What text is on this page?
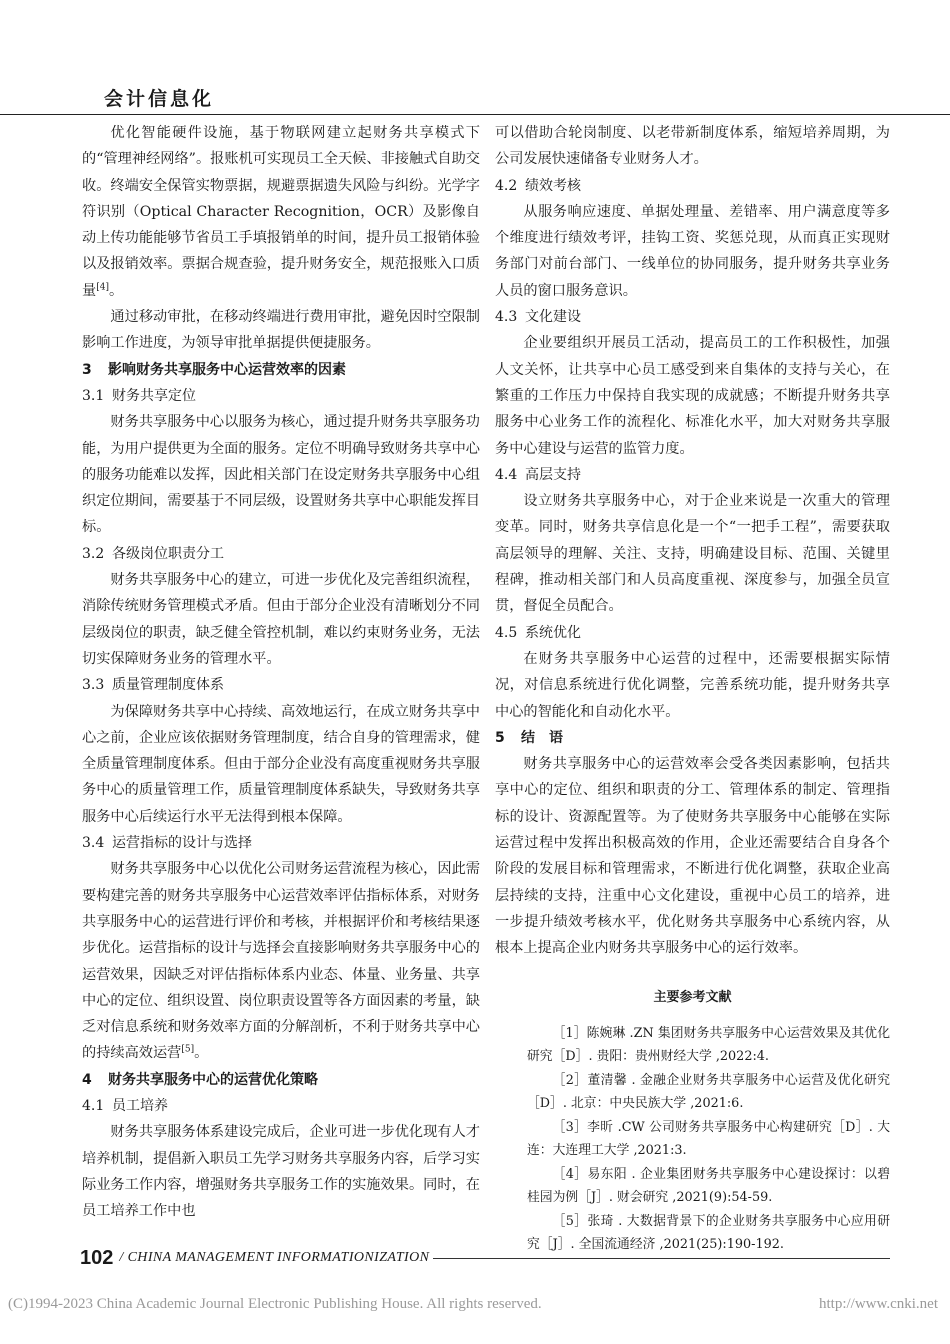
会计信息化

优化智能硬件设施，基于物联网建立起财务共享模式下的“管理神经网络”。报账机可实现员工全天候、非接触式自助交收。终端安全保管实物票据，规避票据遗失风险与纠纷。光学字符识别（Optical Character Recognition，OCR）及影像自动上传功能能够节省员工手填报销单的时间，提升员工报销体验以及报销效率。票据合规查验，提升财务安全，规范报账入口质量[4]。

通过移动审批，在移动终端进行费用审批，避免因时空限制影响工作进度，为领导审批单据提供便捷服务。

3 影响财务共享服务中心运营效率的因素
3.1 财务共享定位

财务共享服务中心以服务为核心，通过提升财务共享服务功能，为用户提供更为全面的服务。定位不明确导致财务共享中心的服务功能难以发挥，因此相关部门在设定财务共享服务中心组织定位期间，需要基于不同层级，设置财务共享中心职能发挥目标。

3.2 各级岗位职责分工

财务共享服务中心的建立，可进一步优化及完善组织流程，消除传统财务管理模式矛盾。但由于部分企业没有清晰划分不同层级岗位的职责，缺乏健全管控机制，难以约束财务业务，无法切实保障财务业务的管理水平。

3.3 质量管理制度体系

为保障财务共享中心持续、高效地运行，在成立财务共享中心之前，企业应该依据财务管理制度，结合自身的管理需求，健全质量管理制度体系。但由于部分企业没有高度重视财务共享服务中心的质量管理工作，质量管理制度体系缺失，导致财务共享服务中心后续运行水平无法得到根本保障。

3.4 运营指标的设计与选择

财务共享服务中心以优化公司财务运营流程为核心，因此需要构建完善的财务共享服务中心运营效率评估指标体系，对财务共享服务中心的运营进行评价和考核，并根据评价和考核结果逐步优化。运营指标的设计与选择会直接影响财务共享服务中心的运营效果，因缺乏对评估指标体系内业态、体量、业务量、共享中心的定位、组织设置、岗位职责设置等各方面因素的考量，缺乏对信息系统和财务效率方面的分解剖析，不利于财务共享中心的持续高效运营[5]。

4 财务共享服务中心的运营优化策略
4.1 员工培养

财务共享服务体系建设完成后，企业可进一步优化现有人才培养机制，提倡新入职员工先学习财务共享服务内容，后学习实际业务工作内容，增强财务共享服务工作的实施效果。同时，在员工培养工作中也

可以借助合轮岗制度、以老带新制度体系，缩短培养周期，为公司发展快速储备专业财务人才。

4.2 绩效考核

从服务响应速度、单据处理量、差错率、用户满意度等多个维度进行绩效考评，挂钩工资、奖惩兑现，从而真正实现财务部门对前台部门、一线单位的协同服务，提升财务共享业务人员的窗口服务意识。

4.3 文化建设

企业要组织开展员工活动，提高员工的工作积极性，加强人文关怀，让共享中心员工感受到来自集体的支持与关心，在繁重的工作压力中保持自我实现的成就感；不断提升财务共享服务中心业务工作的流程化、标准化水平，加大对财务共享服务中心建设与运营的监管力度。

4.4 高层支持

设立财务共享服务中心，对于企业来说是一次重大的管理变革。同时，财务共享信息化是一个“一把手工程”，需要获取高层领导的理解、关注、支持，明确建设目标、范围、关键里程碑，推动相关部门和人员高度重视、深度参与，加强全员宣贯，督促全员配合。

4.5 系统优化

在财务共享服务中心运营的过程中，还需要根据实际情况，对信息系统进行优化调整，完善系统功能，提升财务共享中心的智能化和自动化水平。

5 结　语

财务共享服务中心的运营效率会受各类因素影响，包括共享中心的定位、组织和职责的分工、管理体系的制定、管理指标的设计、资源配置等。为了使财务共享服务中心能够在实际运营过程中发挥出积极高效的作用，企业还需要结合自身各个阶段的发展目标和管理需求，不断进行优化调整，获取企业高层持续的支持，注重中心文化建设，重视中心员工的培养，进一步提升绩效考核水平，优化财务共享服务中心系统内容，从根本上提高企业内财务共享服务中心的运行效率。

主要参考文献

［1］陈婉琳 .ZN 集团财务共享服务中心运营效果及其优化研究［D］. 贵阳：贵州财经大学 ,2022:4.

［2］董清馨 . 金融企业财务共享服务中心运营及优化研究［D］. 北京：中央民族大学 ,2021:6.

［3］李昕 .CW 公司财务共享服务中心构建研究［D］. 大连：大连理工大学 ,2021:3.

［4］易东阳 . 企业集团财务共享服务中心建设探讨：以碧桂园为例［J］. 财会研究 ,2021(9):54-59.

［5］张琦 . 大数据背景下的企业财务共享服务中心应用研究［J］. 全国流通经济 ,2021(25):190-192.

102 / CHINA MANAGEMENT INFORMATIONIZATION
(C)1994-2023 China Academic Journal Electronic Publishing House. All rights reserved.	http://www.cnki.net
